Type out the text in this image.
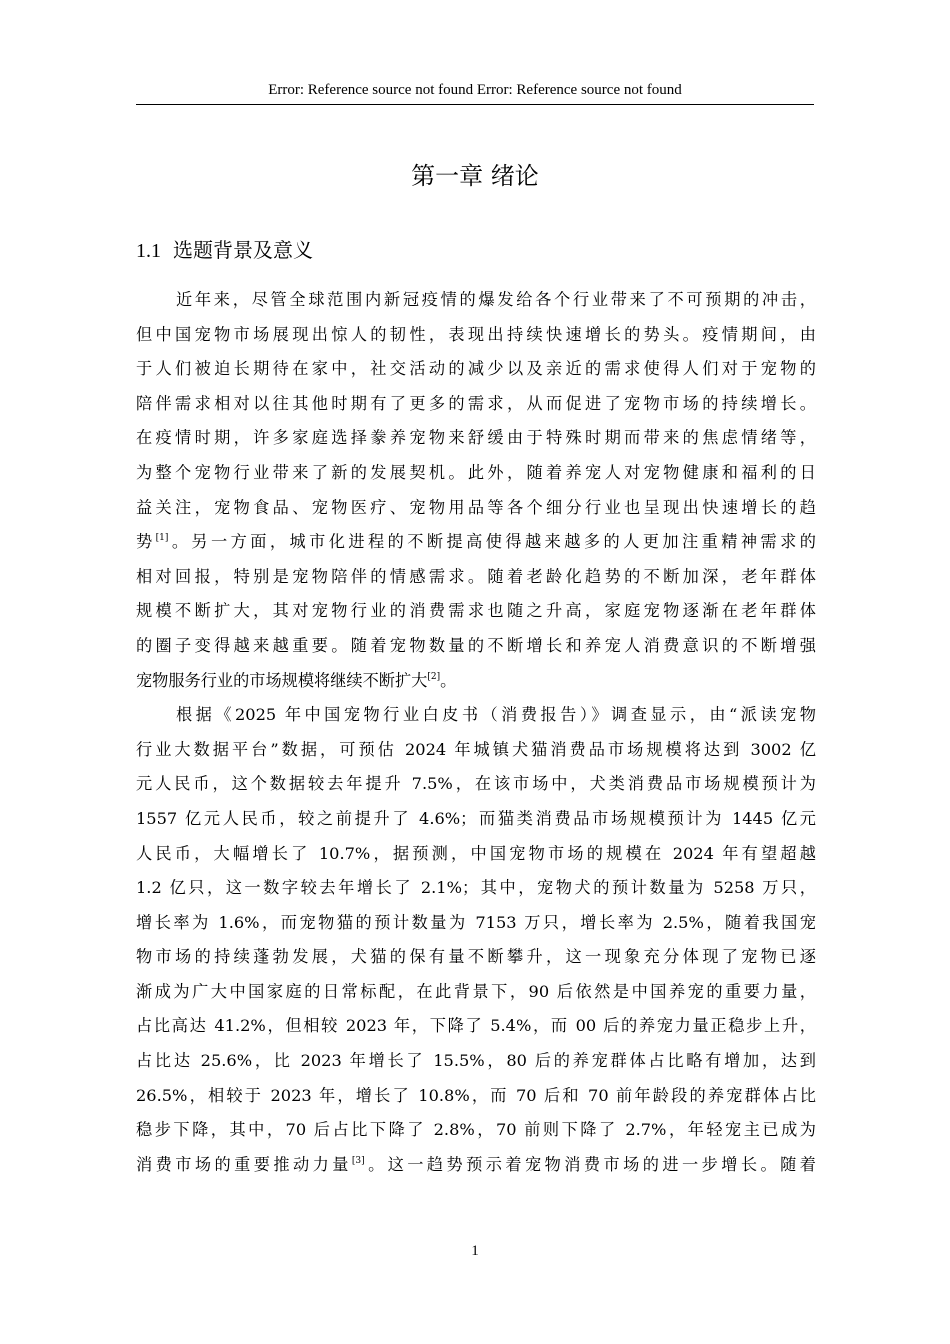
Error: Reference source not found Error: Reference source not found
第一章 绪论
1.1 选题背景及意义
近年来，尽管全球范围内新冠疫情的爆发给各个行业带来了不可预期的冲击，
但中国宠物市场展现出惊人的韧性，表现出持续快速增长的势头。疫情期间，由
于人们被迫长期待在家中，社交活动的减少以及亲近的需求使得人们对于宠物的
陪伴需求相对以往其他时期有了更多的需求，从而促进了宠物市场的持续增长。
在疫情时期，许多家庭选择豢养宠物来舒缓由于特殊时期而带来的焦虑情绪等，
为整个宠物行业带来了新的发展契机。此外，随着养宠人对宠物健康和福利的日
益关注，宠物食品、宠物医疗、宠物用品等各个细分行业也呈现出快速增长的趋
势[1]。另一方面，城市化进程的不断提高使得越来越多的人更加注重精神需求的
相对回报，特别是宠物陪伴的情感需求。随着老龄化趋势的不断加深，老年群体
规模不断扩大，其对宠物行业的消费需求也随之升高，家庭宠物逐渐在老年群体
的圈子变得越来越重要。随着宠物数量的不断增长和养宠人消费意识的不断增强
宠物服务行业的市场规模将继续不断扩大[2]。
根据《2025 年中国宠物行业白皮书（消费报告）》调查显示，由“派读宠物
行业大数据平台”数据，可预估 2024 年城镇犬猫消费品市场规模将达到 3002 亿
元人民币，这个数据较去年提升 7.5%，在该市场中，犬类消费品市场规模预计为
1557 亿元人民币，较之前提升了 4.6%；而猫类消费品市场规模预计为 1445 亿元
人民币，大幅增长了 10.7%，据预测，中国宠物市场的规模在 2024 年有望超越
1.2 亿只，这一数字较去年增长了 2.1%；其中，宠物犬的预计数量为 5258 万只，
增长率为 1.6%，而宠物猫的预计数量为 7153 万只，增长率为 2.5%，随着我国宠
物市场的持续蓬勃发展，犬猫的保有量不断攀升，这一现象充分体现了宠物已逐
渐成为广大中国家庭的日常标配，在此背景下，90 后依然是中国养宠的重要力量，
占比高达 41.2%，但相较 2023 年，下降了 5.4%，而 00 后的养宠力量正稳步上升，
占比达 25.6%，比 2023 年增长了 15.5%，80 后的养宠群体占比略有增加，达到
26.5%，相较于 2023 年，增长了 10.8%，而 70 后和 70 前年龄段的养宠群体占比
稳步下降，其中，70 后占比下降了 2.8%，70 前则下降了 2.7%，年轻宠主已成为
消费市场的重要推动力量[3]。这一趋势预示着宠物消费市场的进一步增长。随着
1
